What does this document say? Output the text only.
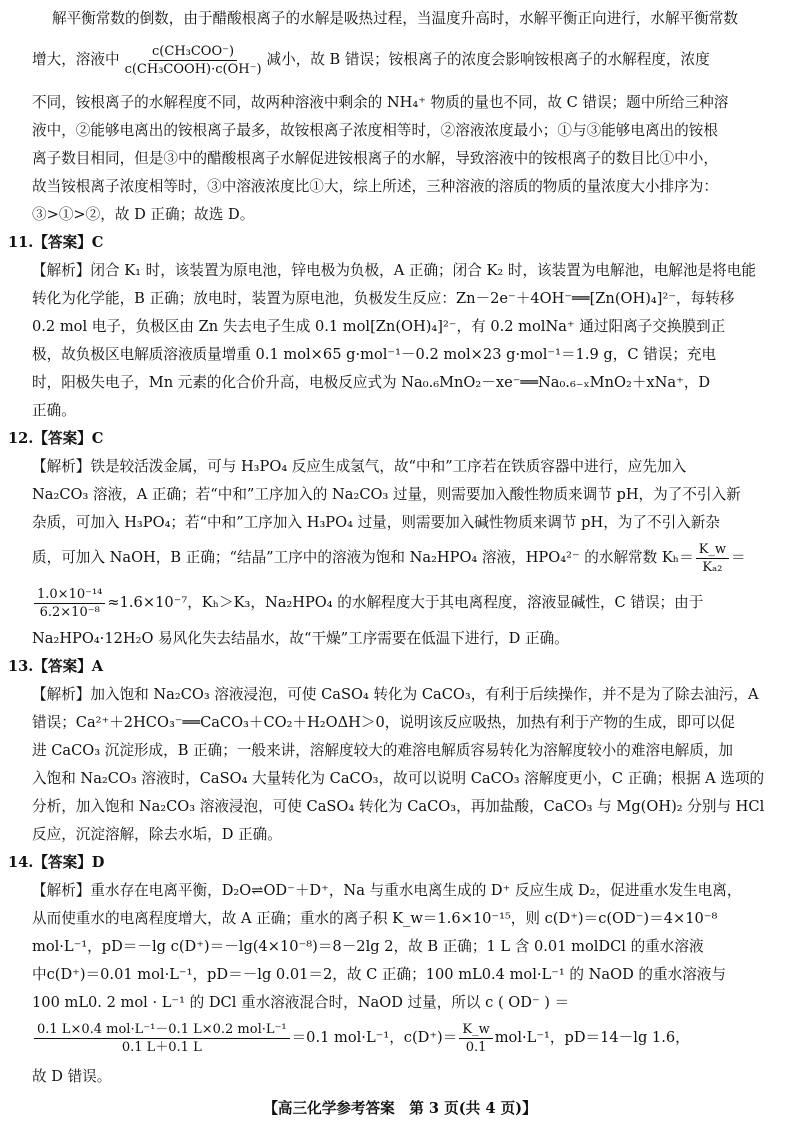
解平衡常数的倒数，由于醋酸根离子的水解是吸热过程，当温度升高时，水解平衡正向进行，水解平衡常数
增大，溶液中 $\frac{\text{c(CH₃COO⁻)}}{\text{c(CH₃COOH)·c(OH⁻)}}$ 减小，故 B 错误；铵根离子的浓度会影响铵根离子的水解程度，浓度
不同，铵根离子的水解程度不同，故两种溶液中剩余的 NH₄⁺ 物质的量也不同，故 C 错误；题中所给三种溶
液中，②能够电离出的铵根离子最多，故铵根离子浓度相等时，②溶液浓度最小；①与③能够电离出的铵根
离子数目相同，但是③中的醋酸根离子水解促进铵根离子的水解，导致溶液中的铵根离子的数目比①中小，
故当铵根离子浓度相等时，③中溶液浓度比①大，综上所述，三种溶液的溶质的物质的量浓度大小排序为：
③>①>②，故 D 正确；故选 D。
11.【答案】C
【解析】闭合 K₁ 时，该装置为原电池，锌电极为负极，A 正确；闭合 K₂ 时，该装置为电解池，电解池是将电能
转化为化学能，B 正确；放电时，装置为原电池，负极发生反应：Zn－2e⁻＋4OH⁻══[Zn(OH)₄]²⁻，每转移
0.2 mol 电子，负极区由 Zn 失去电子生成 0.1 mol[Zn(OH)₄]²⁻，有 0.2 molNa⁺ 通过阳离子交换膜到正
极，故负极区电解质溶液质量增重 0.1 mol×65 g·mol⁻¹－0.2 mol×23 g·mol⁻¹＝1.9 g，C 错误；充电
时，阳极失电子，Mn 元素的化合价升高，电极反应式为 Na₀.₆MnO₂－xe⁻══Na₀.₆₋ₓMnO₂＋xNa⁺，D
正确。
12.【答案】C
【解析】铁是较活泼金属，可与 H₃PO₄ 反应生成氢气，故“中和”工序若在铁质容器中进行，应先加入
Na₂CO₃ 溶液，A 正确；若“中和”工序加入的 Na₂CO₃ 过量，则需要加入酸性物质来调节 pH，为了不引入新
杂质，可加入 H₃PO₄；若“中和”工序加入 H₃PO₄ 过量，则需要加入碱性物质来调节 pH，为了不引入新杂
质，可加入 NaOH，B 正确；“结晶”工序中的溶液为饱和 Na₂HPO₄ 溶液，HPO₄²⁻ 的水解常数 $K_h= \frac{K\_w}{\text{Kₐ₂}}$ ＝
$\frac{\text{1.0×10⁻¹⁴}}{\text{6.2×10⁻⁸}} \approx 1.6\times 10^{-7}$，Kₕ＞K₃，Na₂HPO₄ 的水解程度大于其电离程度，溶液显碱性，C 错误；由于
Na₂HPO₄·12H₂O 易风化失去结晶水，故“干燥”工序需要在低温下进行，D 正确。
13.【答案】A
【解析】加入饱和 Na₂CO₃ 溶液浸泡，可使 CaSO₄ 转化为 CaCO₃，有利于后续操作，并不是为了除去油污，A
错误；Ca²⁺＋2HCO₃⁻══CaCO₃＋CO₂＋H₂OΔH＞0，说明该反应吸热，加热有利于产物的生成，即可以促
进 CaCO₃ 沉淀形成，B 正确；一般来讲，溶解度较大的难溶电解质容易转化为溶解度较小的难溶电解质，加
入饱和 Na₂CO₃ 溶液时，CaSO₄ 大量转化为 CaCO₃，故可以说明 CaCO₃ 溶解度更小，C 正确；根据 A 选项的
分析，加入饱和 Na₂CO₃ 溶液浸泡，可使 CaSO₄ 转化为 CaCO₃，再加盐酸，CaCO₃ 与 Mg(OH)₂ 分别与 HCl
反应，沉淀溶解，除去水垢，D 正确。
14.【答案】D
【解析】重水存在电离平衡，D₂O⇌OD⁻＋D⁺，Na 与重水电离生成的 D⁺ 反应生成 D₂，促进重水发生电离，
从而使重水的电离程度增大，故 A 正确；重水的离子积 K_w＝1.6×10⁻¹⁵，则 c(D⁺)＝c(OD⁻)＝4×10⁻⁸
mol·L⁻¹，pD＝－lg c(D⁺)＝－lg(4×10⁻⁸)＝8－2lg 2，故 B 正确；1 L 含 0.01 molDCl 的重水溶液
中c(D⁺)＝0.01 mol·L⁻¹，pD＝－lg 0.01＝2，故 C 正确；100 mL0.4 mol·L⁻¹ 的 NaOD 的重水溶液与
100 mL0. 2 mol · L⁻¹ 的 DCl 重水溶液混合时，NaOD 过量，所以 c ( OD⁻ ) ＝
$\frac{\text{0.1 L×0.4 mol·L⁻¹－0.1 L×0.2 mol·L⁻¹}}{0.1 L+0.1 L} =0.1$ mol·L⁻¹，$c(D^+)= \frac{K\_w}{0.1} mol\cdot L^{-1}$，pD＝14－lg 1.6，
故 D 错误。
【高三化学参考答案　第 3 页(共 4 页)】
